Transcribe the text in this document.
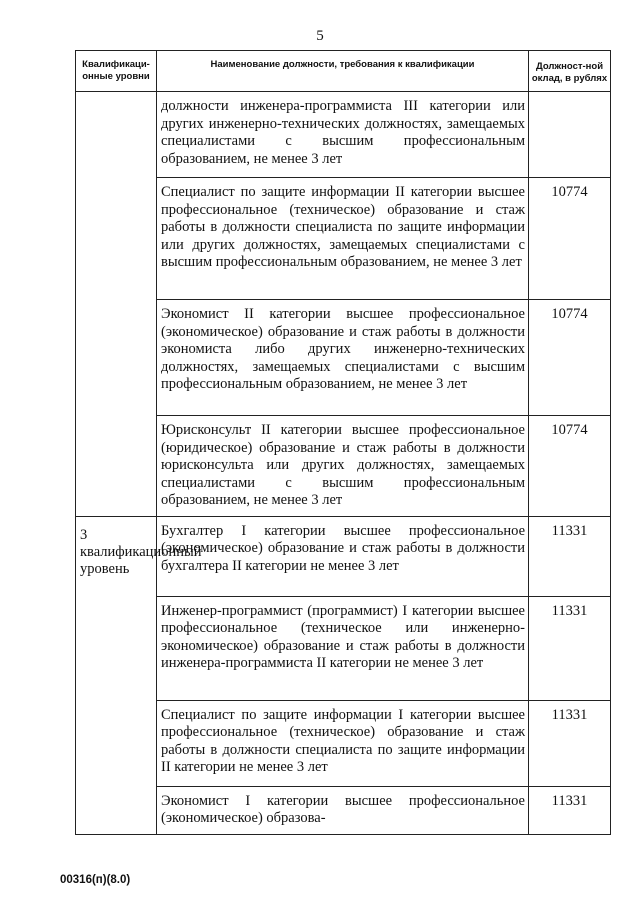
5
Квалификаци-онные уровни	Наименование должности, требования к квалификации	Должност-ной оклад, в рублях
	должности инженера-программиста III категории или других инженерно-технических должностях, замещаемых специалистами с высшим профессиональным образованием, не менее 3 лет	
	Специалист по защите информации II категории высшее профессиональное (техническое) образование и стаж работы в должности специалиста по защите информации или других должностях, замещаемых специалистами с высшим профессиональным образованием, не менее 3 лет	10774
	Экономист II категории высшее профессиональное (экономическое) образование и стаж работы в должности экономиста либо других инженерно-технических должностях, замещаемых специалистами с высшим профессиональным образованием, не менее 3 лет	10774
	Юрисконсульт II категории высшее профессиональное (юридическое) образование и стаж работы в должности юрисконсульта или других должностях, замещаемых специалистами с высшим профессиональным образованием, не менее 3 лет	10774
3 квалификационный уровень	Бухгалтер I категории высшее профессиональное (экономическое) образование и стаж работы в должности бухгалтера II категории не менее 3 лет	11331
	Инженер-программист (программист) I категории высшее профессиональное (техническое или инженерно-экономическое) образование и стаж работы в должности инженера-программиста II категории не менее 3 лет	11331
	Специалист по защите информации I категории высшее профессиональное (техническое) образование и стаж работы в должности специалиста по защите информации II категории не менее 3 лет	11331
	Экономист I категории высшее профессиональное (экономическое) образова-	11331
00316(п)(8.0)
